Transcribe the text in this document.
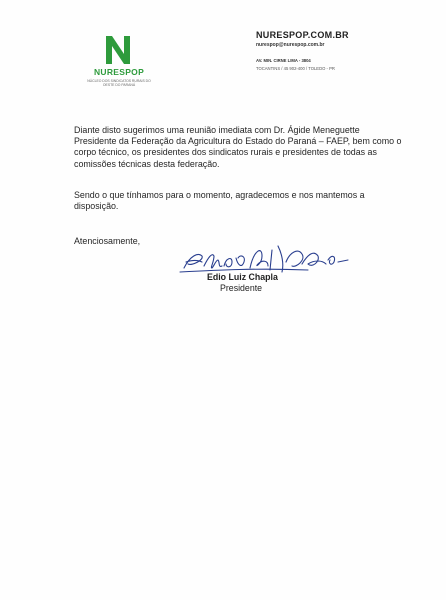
NURESPOP
NÚCLEO DOS SINDICATOS RURAIS DO OESTE DO PARANÁ
NURESPOP.COM.BR
nurespop@nurespop.com.br
AV. MIN. CIRNE LIMA - 3804
TOCANTINS / 45 902-400 / TOLEDO - PR

Diante disto sugerimos uma reunião imediata com Dr. Ágide Meneguette Presidente da Federação da Agricultura do Estado do Paraná – FAEP, bem como o corpo técnico, os presidentes dos sindicatos rurais e presidentes de todas as comissões técnicas desta federação.

Sendo o que tínhamos para o momento, agradecemos e nos mantemos a disposição.

Atenciosamente,

Edio Luiz Chapla
Presidente
